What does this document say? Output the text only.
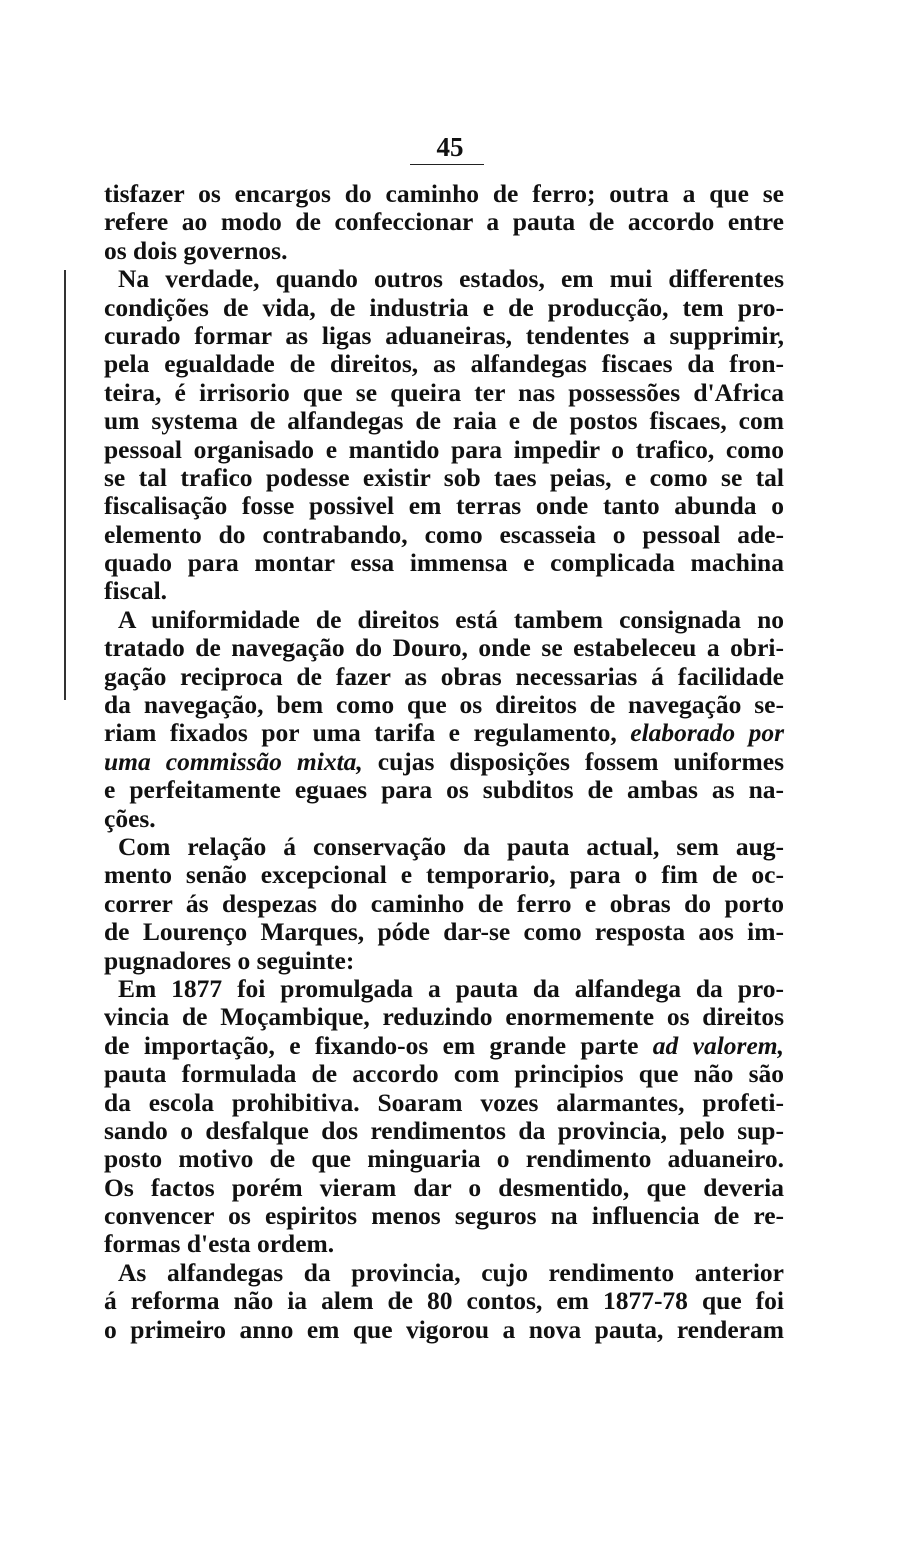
45
tisfazer os encargos do caminho de ferro; outra a que se
refere ao modo de confeccionar a pauta de accordo entre
os dois governos.
Na verdade, quando outros estados, em mui differentes
condições de vida, de industria e de producção, tem pro-
curado formar as ligas aduaneiras, tendentes a supprimir,
pela egualdade de direitos, as alfandegas fiscaes da fron-
teira, é irrisorio que se queira ter nas possessões d'Africa
um systema de alfandegas de raia e de postos fiscaes, com
pessoal organisado e mantido para impedir o trafico, como
se tal trafico podesse existir sob taes peias, e como se tal
fiscalisação fosse possivel em terras onde tanto abunda o
elemento do contrabando, como escasseia o pessoal ade-
quado para montar essa immensa e complicada machina
fiscal.
A uniformidade de direitos está tambem consignada no
tratado de navegação do Douro, onde se estabeleceu a obri-
gação reciproca de fazer as obras necessarias á facilidade
da navegação, bem como que os direitos de navegação se-
riam fixados por uma tarifa e regulamento, elaborado por
uma commissão mixta, cujas disposições fossem uniformes
e perfeitamente eguaes para os subditos de ambas as na-
ções.
Com relação á conservação da pauta actual, sem aug-
mento senão excepcional e temporario, para o fim de oc-
correr ás despezas do caminho de ferro e obras do porto
de Lourenço Marques, póde dar-se como resposta aos im-
pugnadores o seguinte:
Em 1877 foi promulgada a pauta da alfandega da pro-
vincia de Moçambique, reduzindo enormemente os direitos
de importação, e fixando-os em grande parte ad valorem,
pauta formulada de accordo com principios que não são
da escola prohibitiva. Soaram vozes alarmantes, profeti-
sando o desfalque dos rendimentos da provincia, pelo sup-
posto motivo de que minguaria o rendimento aduaneiro.
Os factos porém vieram dar o desmentido, que deveria
convencer os espiritos menos seguros na influencia de re-
formas d'esta ordem.
As alfandegas da provincia, cujo rendimento anterior
á reforma não ia alem de 80 contos, em 1877-78 que foi
o primeiro anno em que vigorou a nova pauta, renderam
